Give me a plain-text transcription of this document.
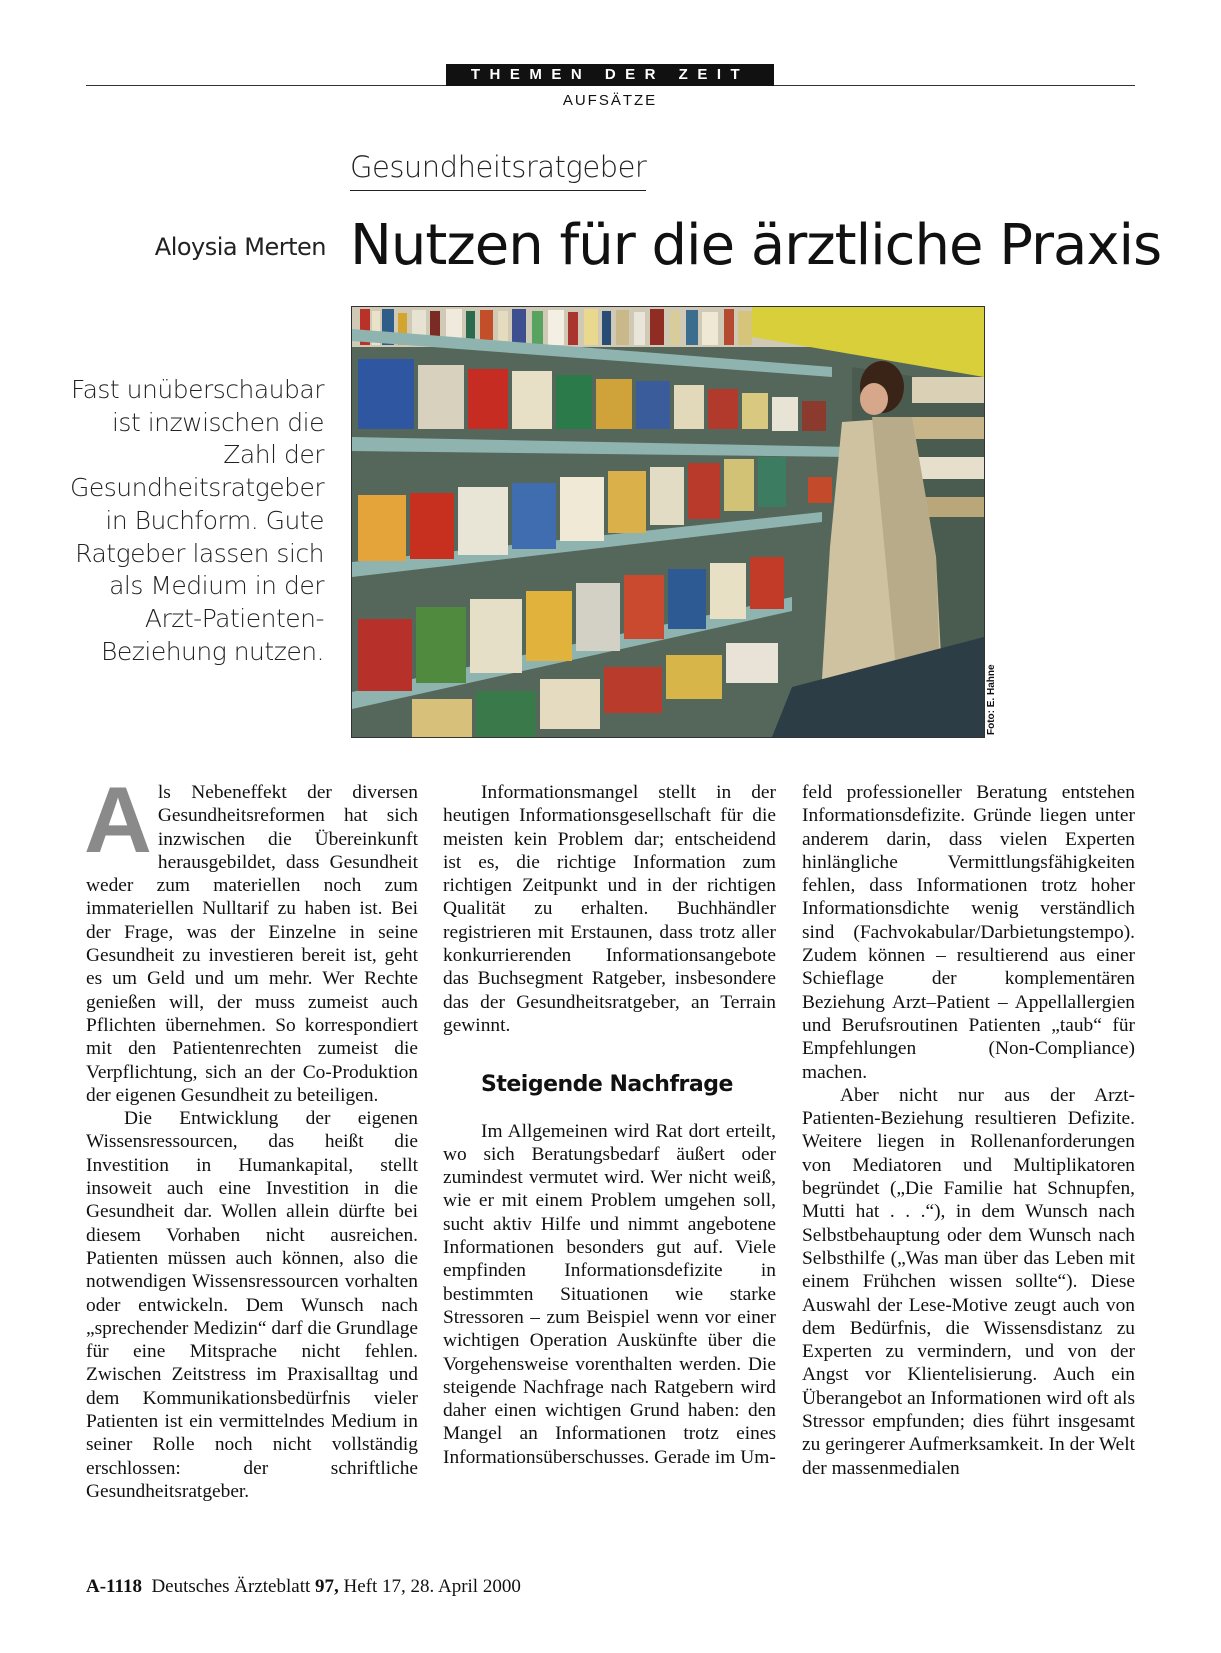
THEMEN DER ZEIT
AUFSÄTZE
Gesundheitsratgeber
Aloysia Merten Nutzen für die ärztliche Praxis
Fast unüberschaubar ist inzwischen die Zahl der Gesundheitsratgeber in Buchform. Gute Ratgeber lassen sich als Medium in der Arzt-Patienten-Beziehung nutzen.
Foto: E. Hahne

Als Nebeneffekt der diversen Gesundheitsreformen hat sich inzwischen die Übereinkunft herausgebildet, dass Gesundheit weder zum materiellen noch zum immateriellen Nulltarif zu haben ist. Bei der Frage, was der Einzelne in seine Gesundheit zu investieren bereit ist, geht es um Geld und um mehr. Wer Rechte genießen will, der muss zumeist auch Pflichten übernehmen. So korrespondiert mit den Patientenrechten zumeist die Verpflichtung, sich an der Co-Produktion der eigenen Gesundheit zu beteiligen.

Die Entwicklung der eigenen Wissensressourcen, das heißt die Investition in Humankapital, stellt insoweit auch eine Investition in die Gesundheit dar. Wollen allein dürfte bei diesem Vorhaben nicht ausreichen. Patienten müssen auch können, also die notwendigen Wissensressourcen vorhalten oder entwickeln. Dem Wunsch nach „sprechender Medizin“ darf die Grundlage für eine Mitsprache nicht fehlen. Zwischen Zeitstress im Praxisalltag und dem Kommunikationsbedürfnis vieler Patienten ist ein vermittelndes Medium in seiner Rolle noch nicht vollständig erschlossen: der schriftliche Gesundheitsratgeber.

Informationsmangel stellt in der heutigen Informationsgesellschaft für die meisten kein Problem dar; entscheidend ist es, die richtige Information zum richtigen Zeitpunkt und in der richtigen Qualität zu erhalten. Buchhändler registrieren mit Erstaunen, dass trotz aller konkurrierenden Informationsangebote das Buchsegment Ratgeber, insbesondere das der Gesundheitsratgeber, an Terrain gewinnt.

Steigende Nachfrage

Im Allgemeinen wird Rat dort erteilt, wo sich Beratungsbedarf äußert oder zumindest vermutet wird. Wer nicht weiß, wie er mit einem Problem umgehen soll, sucht aktiv Hilfe und nimmt angebotene Informationen besonders gut auf. Viele empfinden Informationsdefizite in bestimmten Situationen wie starke Stressoren – zum Beispiel wenn vor einer wichtigen Operation Auskünfte über die Vorgehensweise vorenthalten werden. Die steigende Nachfrage nach Ratgebern wird daher einen wichtigen Grund haben: den Mangel an Informationen trotz eines Informationsüberschusses. Gerade im Um-

feld professioneller Beratung entstehen Informationsdefizite. Gründe liegen unter anderem darin, dass vielen Experten hinlängliche Vermittlungsfähigkeiten fehlen, dass Informationen trotz hoher Informationsdichte wenig verständlich sind (Fachvokabular/Darbietungstempo). Zudem können – resultierend aus einer Schieflage der komplementären Beziehung Arzt–Patient – Appellallergien und Berufsroutinen Patienten „taub“ für Empfehlungen (Non-Compliance) machen.

Aber nicht nur aus der Arzt-Patienten-Beziehung resultieren Defizite. Weitere liegen in Rollenanforderungen von Mediatoren und Multiplikatoren begründet („Die Familie hat Schnupfen, Mutti hat . . .“), in dem Wunsch nach Selbstbehauptung oder dem Wunsch nach Selbsthilfe („Was man über das Leben mit einem Frühchen wissen sollte“). Diese Auswahl der Lese-Motive zeugt auch von dem Bedürfnis, die Wissensdistanz zu Experten zu vermindern, und von der Angst vor Klientelisierung. Auch ein Überangebot an Informationen wird oft als Stressor empfunden; dies führt insgesamt zu geringerer Aufmerksamkeit. In der Welt der massenmedialen

A-1118 Deutsches Ärzteblatt 97, Heft 17, 28. April 2000
